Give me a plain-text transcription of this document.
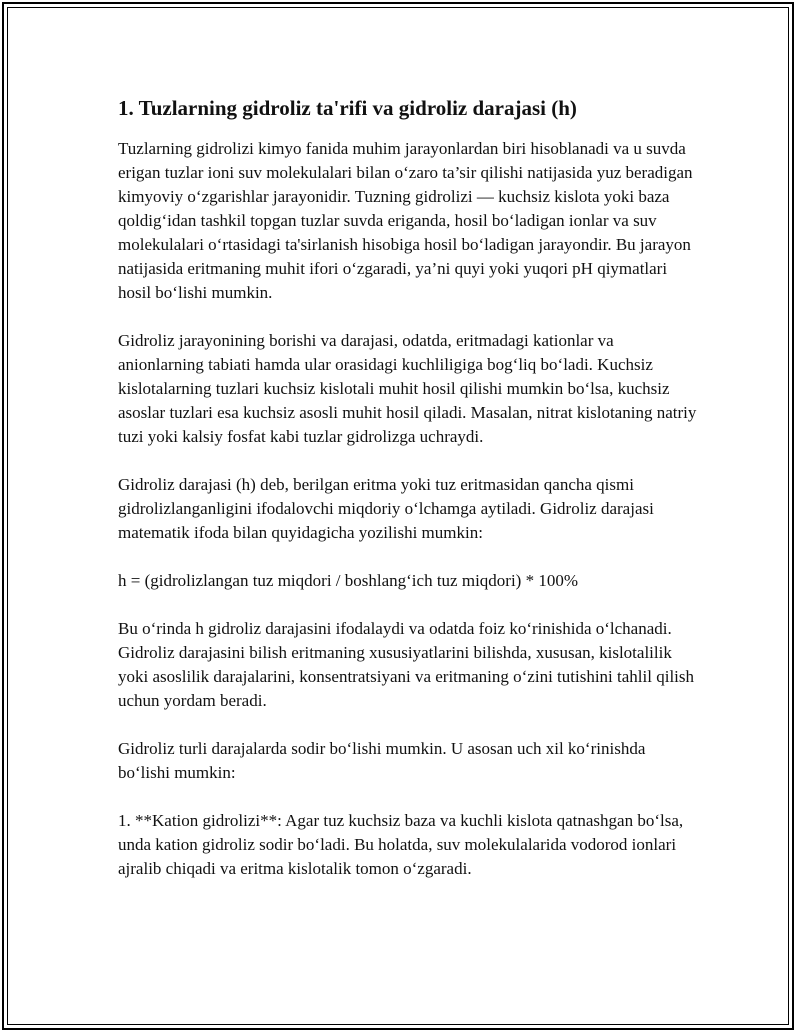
1. Tuzlarning gidroliz ta'rifi va gidroliz darajasi (h)

Tuzlarning gidrolizi kimyo fanida muhim jarayonlardan biri hisoblanadi va u suvda erigan tuzlar ioni suv molekulalari bilan o‘zaro ta’sir qilishi natijasida yuz beradigan kimyoviy o‘zgarishlar jarayonidir. Tuzning gidrolizi — kuchsiz kislota yoki baza qoldig‘idan tashkil topgan tuzlar suvda eriganda, hosil bo‘ladigan ionlar va suv molekulalari o‘rtasidagi ta'sirlanish hisobiga hosil bo‘ladigan jarayondir. Bu jarayon natijasida eritmaning muhit ifori o‘zgaradi, ya’ni quyi yoki yuqori pH qiymatlari hosil bo‘lishi mumkin.

Gidroliz jarayonining borishi va darajasi, odatda, eritmadagi kationlar va anionlarning tabiati hamda ular orasidagi kuchliligiga bog‘liq bo‘ladi. Kuchsiz kislotalarning tuzlari kuchsiz kislotali muhit hosil qilishi mumkin bo‘lsa, kuchsiz asoslar tuzlari esa kuchsiz asosli muhit hosil qiladi. Masalan, nitrat kislotaning natriy tuzi yoki kalsiy fosfat kabi tuzlar gidrolizga uchraydi.

Gidroliz darajasi (h) deb, berilgan eritma yoki tuz eritmasidan qancha qismi gidrolizlanganligini ifodalovchi miqdoriy o‘lchamga aytiladi. Gidroliz darajasi matematik ifoda bilan quyidagicha yozilishi mumkin:

h = (gidrolizlangan tuz miqdori / boshlang‘ich tuz miqdori) * 100%

Bu o‘rinda h gidroliz darajasini ifodalaydi va odatda foiz ko‘rinishida o‘lchanadi. Gidroliz darajasini bilish eritmaning xususiyatlarini bilishda, xususan, kislotalilik yoki asoslilik darajalarini, konsentratsiyani va eritmaning o‘zini tutishini tahlil qilish uchun yordam beradi.

Gidroliz turli darajalarda sodir bo‘lishi mumkin. U asosan uch xil ko‘rinishda bo‘lishi mumkin:

1. **Kation gidrolizi**: Agar tuz kuchsiz baza va kuchli kislota qatnashgan bo‘lsa, unda kation gidroliz sodir bo‘ladi. Bu holatda, suv molekulalarida vodorod ionlari ajralib chiqadi va eritma kislotalik tomon o‘zgaradi.
